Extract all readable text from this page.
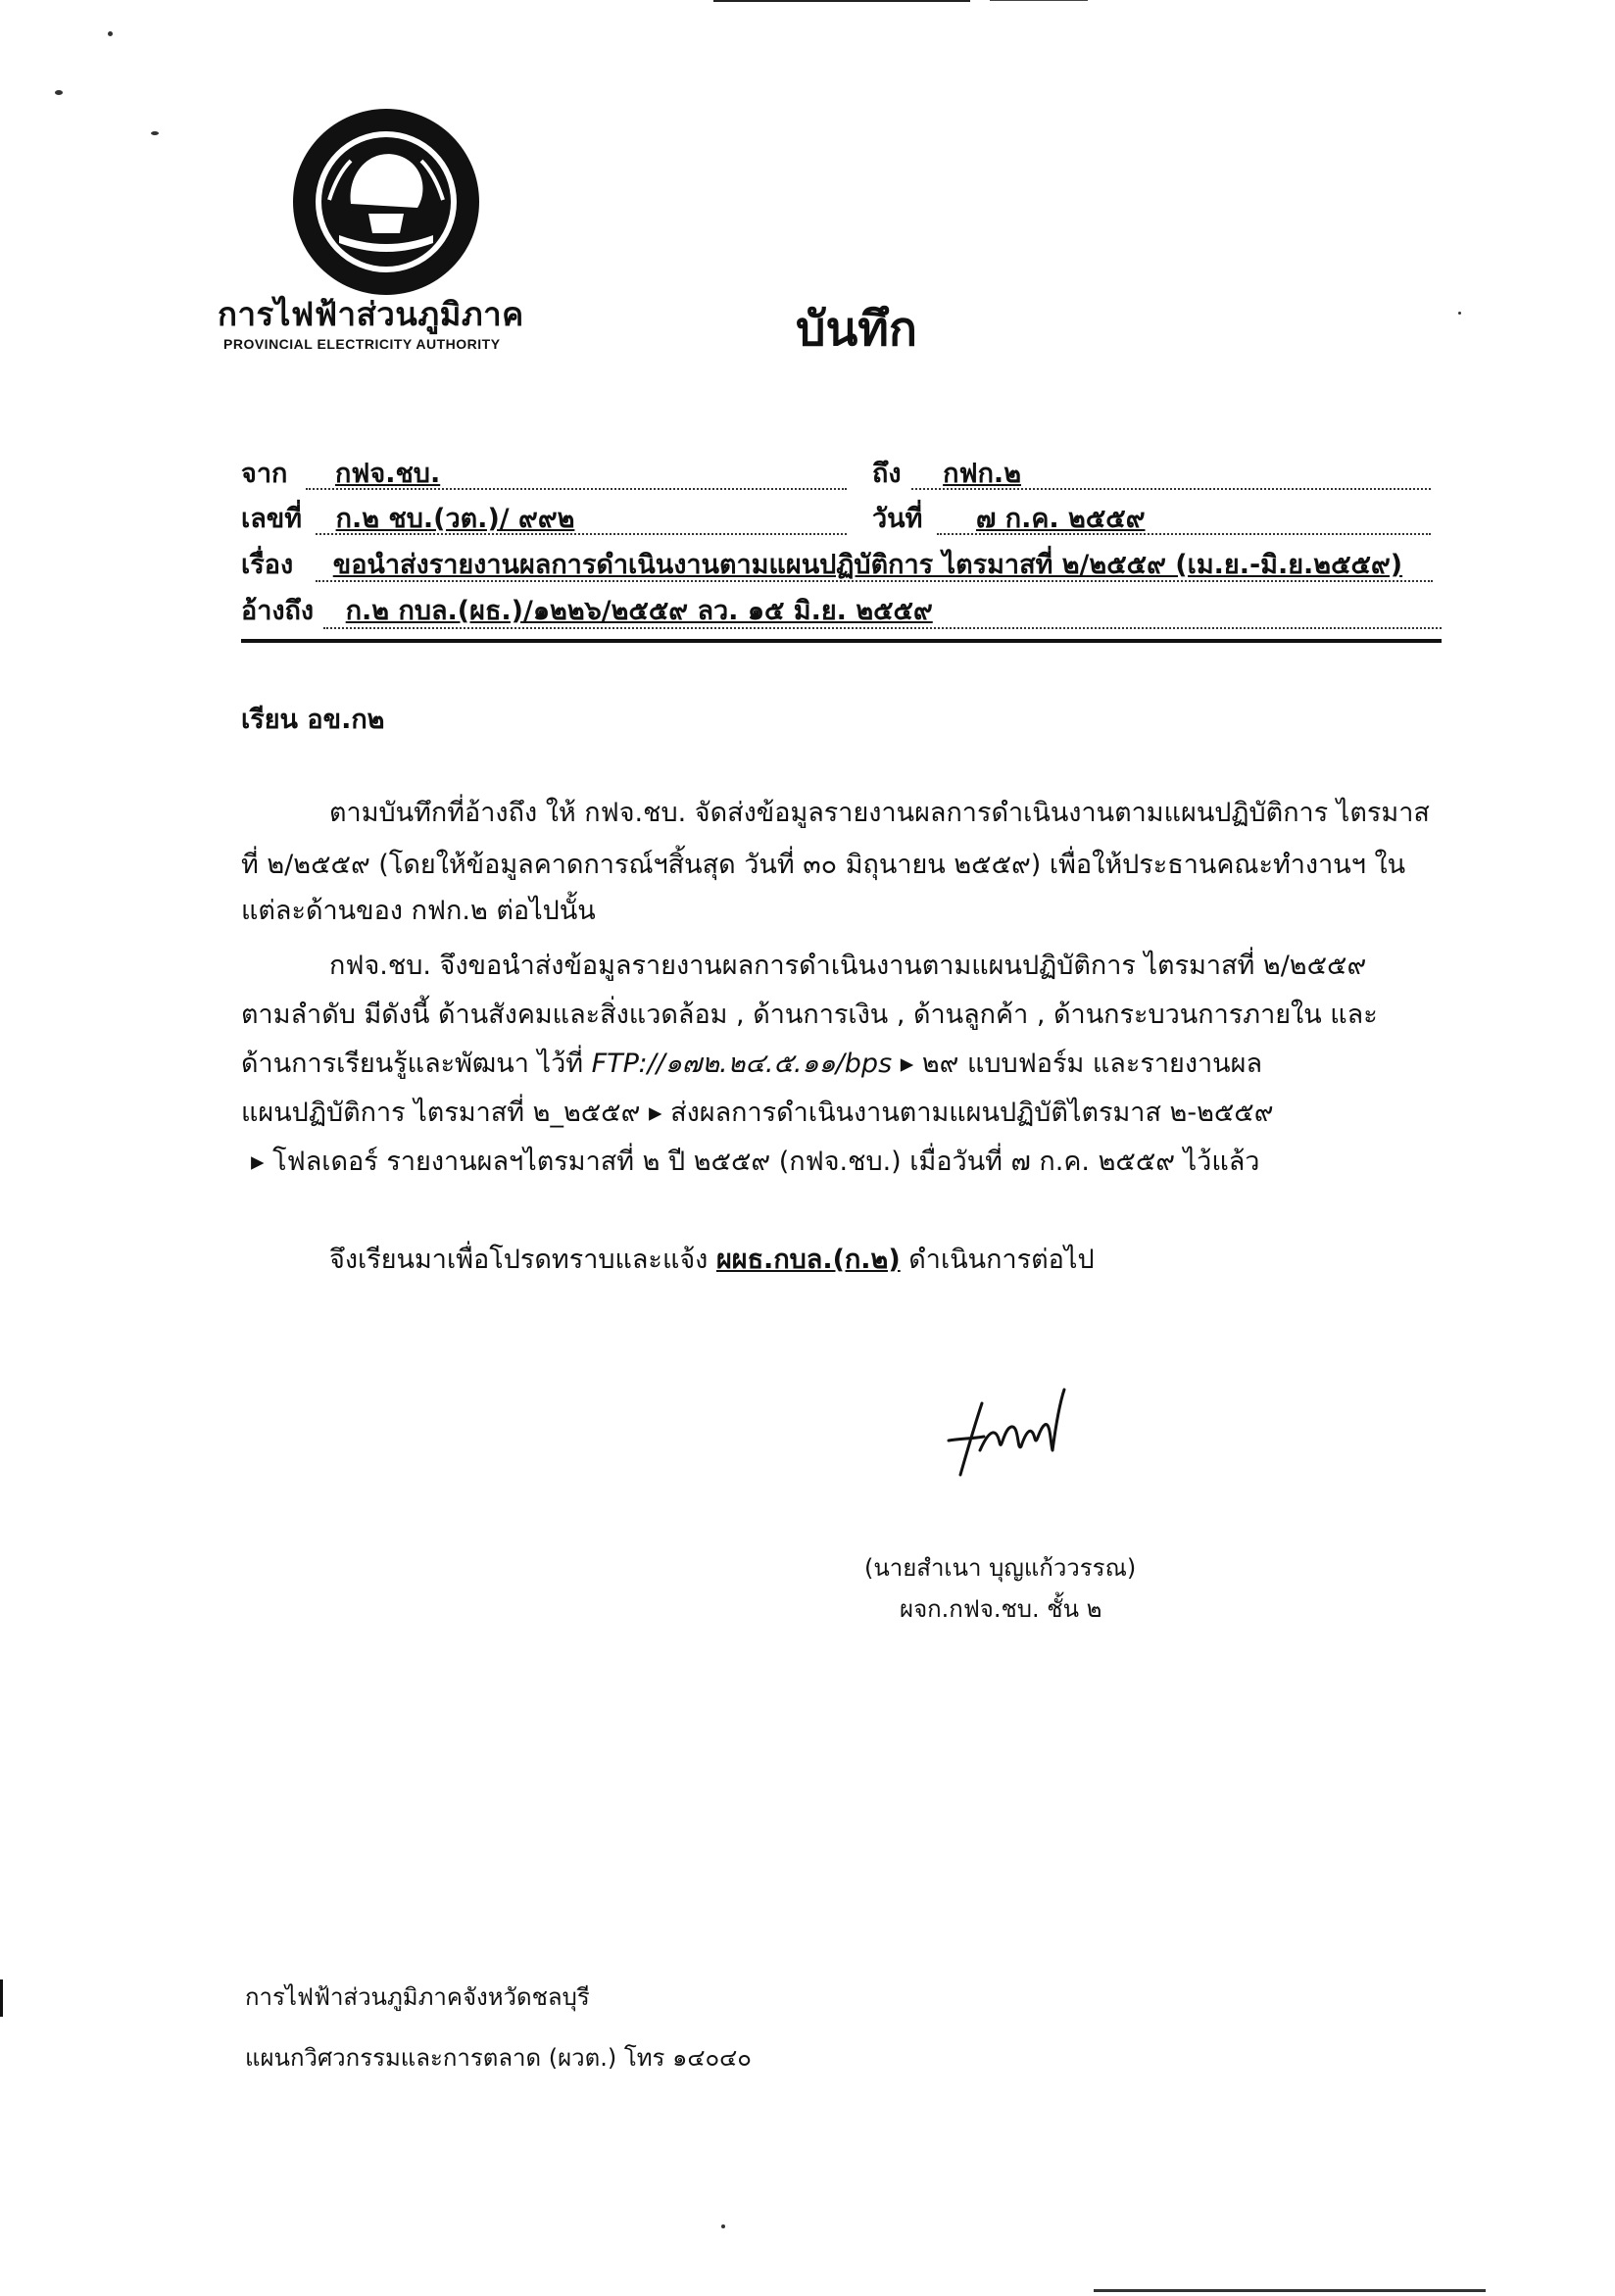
การไฟฟ้าส่วนภูมิภาค
PROVINCIAL ELECTRICITY AUTHORITY	บันทึก
จาก กฟจ.ชบ.	ถึง กฟก.๒
เลขที่ ก.๒ ชบ.(วต.)/ ๙๙๒	วันที่ ๗ ก.ค. ๒๕๕๙
เรื่อง ขอนำส่งรายงานผลการดำเนินงานตามแผนปฏิบัติการ ไตรมาสที่ ๒/๒๕๕๙ (เม.ย.-มิ.ย.๒๕๕๙)
อ้างถึง ก.๒ กบล.(ผธ.)/๑๒๒๖/๒๕๕๙ ลว. ๑๕ มิ.ย. ๒๕๕๙
เรียน อข.ก๒
ตามบันทึกที่อ้างถึง ให้ กฟจ.ชบ. จัดส่งข้อมูลรายงานผลการดำเนินงานตามแผนปฏิบัติการ ไตรมาส
ที่ ๒/๒๕๕๙ (โดยให้ข้อมูลคาดการณ์ฯสิ้นสุด วันที่ ๓๐ มิถุนายน ๒๕๕๙) เพื่อให้ประธานคณะทำงานฯ ใน
แต่ละด้านของ กฟก.๒ ต่อไปนั้น
กฟจ.ชบ. จึงขอนำส่งข้อมูลรายงานผลการดำเนินงานตามแผนปฏิบัติการ ไตรมาสที่ ๒/๒๕๕๙
ตามลำดับ มีดังนี้ ด้านสังคมและสิ่งแวดล้อม , ด้านการเงิน , ด้านลูกค้า , ด้านกระบวนการภายใน และ
ด้านการเรียนรู้และพัฒนา ไว้ที่ FTP://๑๗๒.๒๔.๕.๑๑/bps ▸ ๒๙ แบบฟอร์ม และรายงานผล
แผนปฏิบัติการ ไตรมาสที่ ๒_๒๕๕๙ ▸ ส่งผลการดำเนินงานตามแผนปฏิบัติไตรมาส ๒-๒๕๕๙
▸ โฟลเดอร์ รายงานผลฯไตรมาสที่ ๒ ปี ๒๕๕๙ (กฟจ.ชบ.) เมื่อวันที่ ๗ ก.ค. ๒๕๕๙ ไว้แล้ว
จึงเรียนมาเพื่อโปรดทราบและแจ้ง ผผธ.กบล.(ก.๒) ดำเนินการต่อไป
(นายสำเนา บุญแก้ววรรณ)
ผจก.กฟจ.ชบ. ชั้น ๒
การไฟฟ้าส่วนภูมิภาคจังหวัดชลบุรี
แผนกวิศวกรรมและการตลาด (ผวต.) โทร ๑๔๐๔๐
